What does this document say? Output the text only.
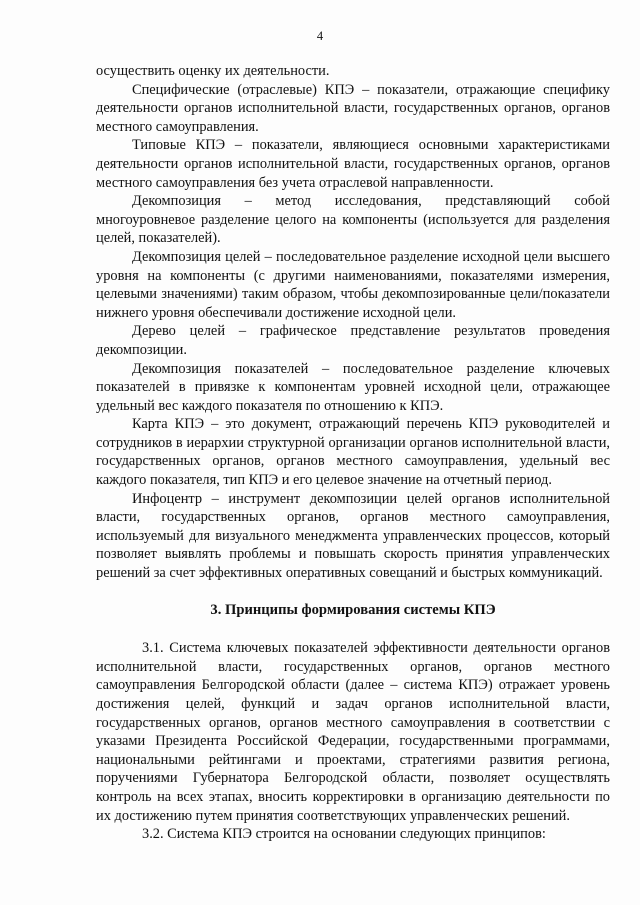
4

осуществить оценку их деятельности.

Специфические (отраслевые) КПЭ – показатели, отражающие специфику деятельности органов исполнительной власти, государственных органов, органов местного самоуправления.

Типовые КПЭ – показатели, являющиеся основными характеристиками деятельности органов исполнительной власти, государственных органов, органов местного самоуправления без учета отраслевой направленности.

Декомпозиция – метод исследования, представляющий собой многоуровневое разделение целого на компоненты (используется для разделения целей, показателей).

Декомпозиция целей – последовательное разделение исходной цели высшего уровня на компоненты (с другими наименованиями, показателями измерения, целевыми значениями) таким образом, чтобы декомпозированные цели/показатели нижнего уровня обеспечивали достижение исходной цели.

Дерево целей – графическое представление результатов проведения декомпозиции.

Декомпозиция показателей – последовательное разделение ключевых показателей в привязке к компонентам уровней исходной цели, отражающее удельный вес каждого показателя по отношению к КПЭ.

Карта КПЭ – это документ, отражающий перечень КПЭ руководителей и сотрудников в иерархии структурной организации органов исполнительной власти, государственных органов, органов местного самоуправления, удельный вес каждого показателя, тип КПЭ и его целевое значение на отчетный период.

Инфоцентр – инструмент декомпозиции целей органов исполнительной власти, государственных органов, органов местного самоуправления, используемый для визуального менеджмента управленческих процессов, который позволяет выявлять проблемы и повышать скорость принятия управленческих решений за счет эффективных оперативных совещаний и быстрых коммуникаций.

3. Принципы формирования системы КПЭ

3.1. Система ключевых показателей эффективности деятельности органов исполнительной власти, государственных органов, органов местного самоуправления Белгородской области (далее – система КПЭ) отражает уровень достижения целей, функций и задач органов исполнительной власти, государственных органов, органов местного самоуправления в соответствии с указами Президента Российской Федерации, государственными программами, национальными рейтингами и проектами, стратегиями развития региона, поручениями Губернатора Белгородской области, позволяет осуществлять контроль на всех этапах, вносить корректировки в организацию деятельности по их достижению путем принятия соответствующих управленческих решений.

3.2. Система КПЭ строится на основании следующих принципов:
